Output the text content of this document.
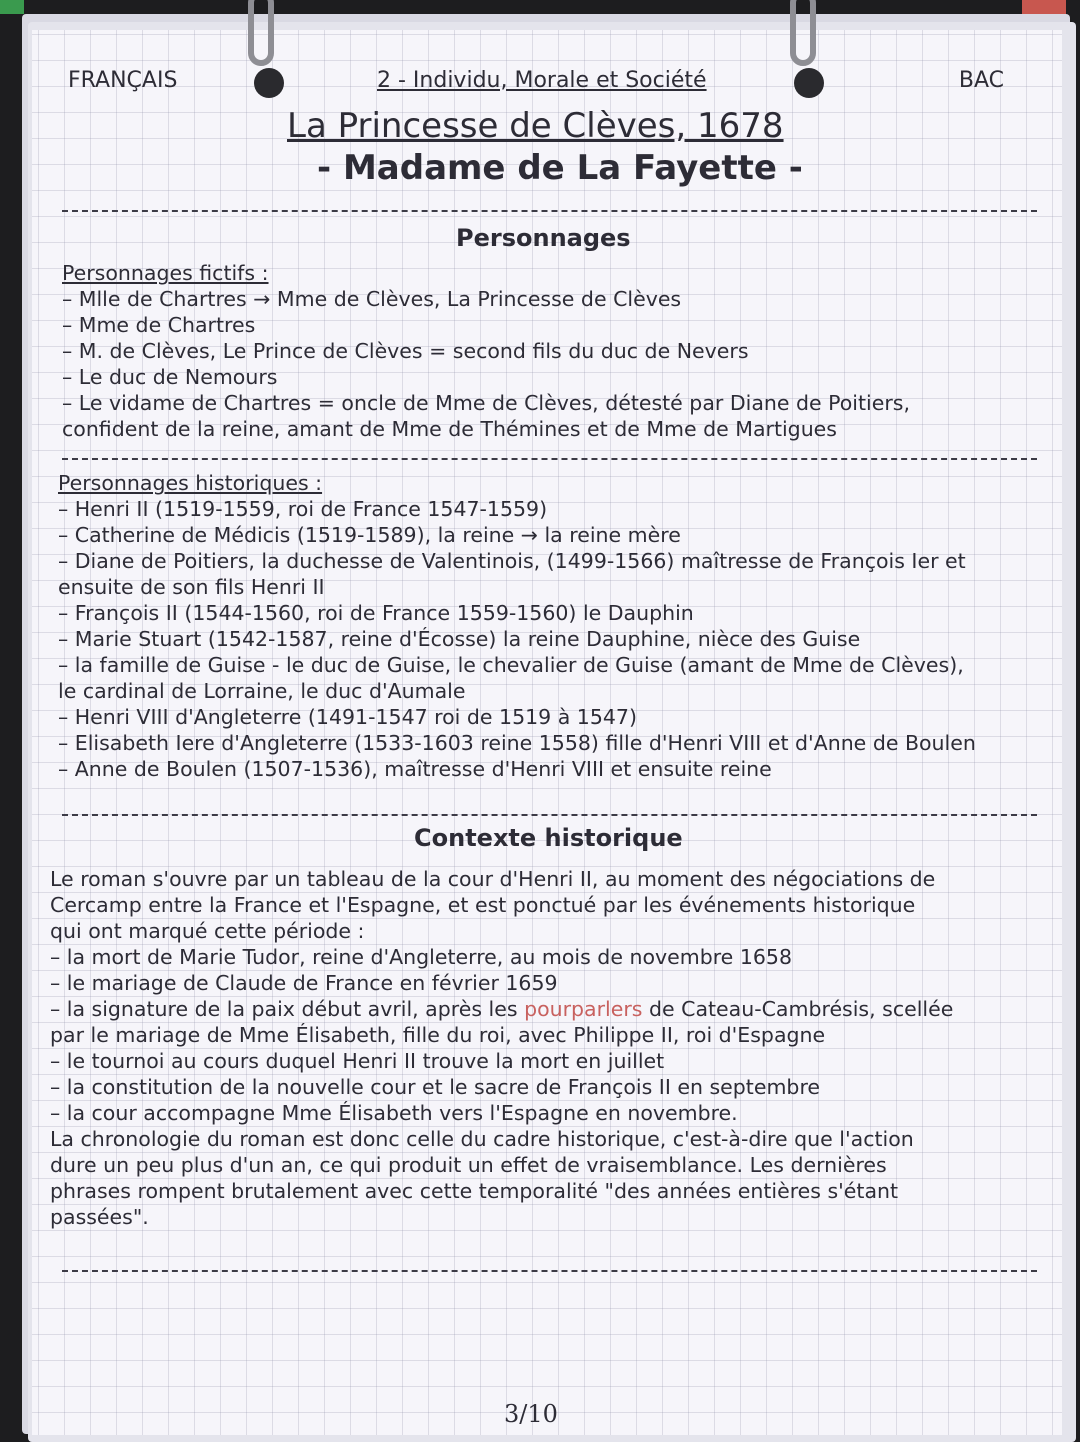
FRANÇAIS	2 - Individu, Morale et Société	BAC
La Princesse de Clèves, 1678
- Madame de La Fayette -
Personnages
Personnages fictifs :
– Mlle de Chartres → Mme de Clèves, La Princesse de Clèves
– Mme de Chartres
– M. de Clèves, Le Prince de Clèves = second fils du duc de Nevers
– Le duc de Nemours
– Le vidame de Chartres = oncle de Mme de Clèves, détesté par Diane de Poitiers,
confident de la reine, amant de Mme de Thémines et de Mme de Martigues
Personnages historiques :
– Henri II (1519-1559, roi de France 1547-1559)
– Catherine de Médicis (1519-1589), la reine → la reine mère
– Diane de Poitiers, la duchesse de Valentinois, (1499-1566) maîtresse de François Ier et
ensuite de son fils Henri II
– François II (1544-1560, roi de France 1559-1560) le Dauphin
– Marie Stuart (1542-1587, reine d'Écosse) la reine Dauphine, nièce des Guise
– la famille de Guise - le duc de Guise, le chevalier de Guise (amant de Mme de Clèves),
le cardinal de Lorraine, le duc d'Aumale
– Henri VIII d'Angleterre (1491-1547 roi de 1519 à 1547)
– Elisabeth Iere d'Angleterre (1533-1603 reine 1558) fille d'Henri VIII et d'Anne de Boulen
– Anne de Boulen (1507-1536), maîtresse d'Henri VIII et ensuite reine
Contexte historique
Le roman s'ouvre par un tableau de la cour d'Henri II, au moment des négociations de
Cercamp entre la France et l'Espagne, et est ponctué par les événements historique
qui ont marqué cette période :
– la mort de Marie Tudor, reine d'Angleterre, au mois de novembre 1658
– le mariage de Claude de France en février 1659
– la signature de la paix début avril, après les pourparlers de Cateau-Cambrésis, scellée
par le mariage de Mme Élisabeth, fille du roi, avec Philippe II, roi d'Espagne
– le tournoi au cours duquel Henri II trouve la mort en juillet
– la constitution de la nouvelle cour et le sacre de François II en septembre
– la cour accompagne Mme Élisabeth vers l'Espagne en novembre.
La chronologie du roman est donc celle du cadre historique, c'est-à-dire que l'action
dure un peu plus d'un an, ce qui produit un effet de vraisemblance. Les dernières
phrases rompent brutalement avec cette temporalité "des années entières s'étant
passées".
3/10
